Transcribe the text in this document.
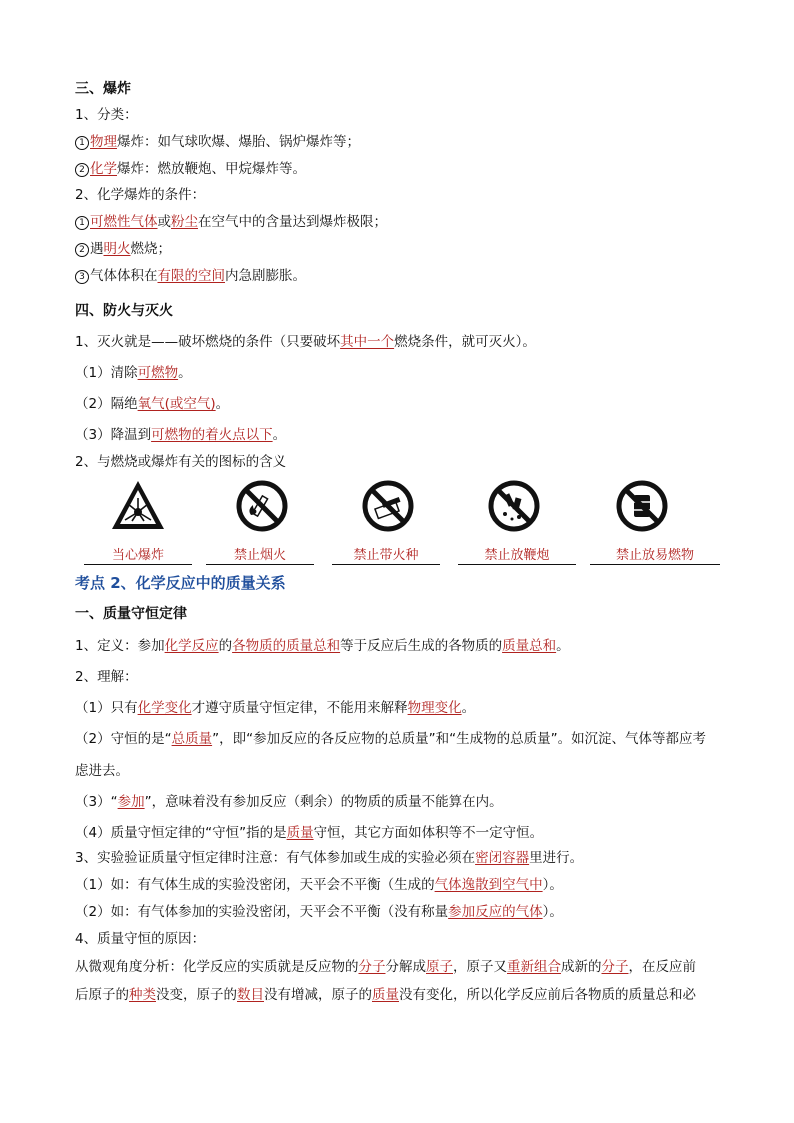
三、爆炸
1、分类：
1 物理爆炸：如气球吹爆、爆胎、锅炉爆炸等；
2 化学爆炸：燃放鞭炮、甲烷爆炸等。
2、化学爆炸的条件：
1 可燃性气体或粉尘在空气中的含量达到爆炸极限；
2 遇明火燃烧；
3 气体体积在有限的空间内急剧膨胀。
四、防火与灭火
1、灭火就是——破坏燃烧的条件（只要破坏其中一个燃烧条件，就可灭火）。
（1）清除可燃物。
（2）隔绝氧气(或空气)。
（3）降温到可燃物的着火点以下。
2、与燃烧或爆炸有关的图标的含义
当心爆炸	禁止烟火	禁止带火种	禁止放鞭炮	禁止放易燃物
考点 2、化学反应中的质量关系
一、质量守恒定律
1、定义：参加化学反应的各物质的质量总和等于反应后生成的各物质的质量总和。
2、理解：
（1）只有化学变化才遵守质量守恒定律，不能用来解释物理变化。
（2）守恒的是“总质量”，即“参加反应的各反应物的总质量”和“生成物的总质量”。如沉淀、气体等都应考
虑进去。
（3）“参加”，意味着没有参加反应（剩余）的物质的质量不能算在内。
（4）质量守恒定律的“守恒”指的是质量守恒，其它方面如体积等不一定守恒。
3、实验验证质量守恒定律时注意：有气体参加或生成的实验必须在密闭容器里进行。
（1）如：有气体生成的实验没密闭，天平会不平衡（生成的气体逸散到空气中）。
（2）如：有气体参加的实验没密闭，天平会不平衡（没有称量参加反应的气体）。
4、质量守恒的原因：
从微观角度分析：化学反应的实质就是反应物的分子分解成原子，原子又重新组合成新的分子，在反应前
后原子的种类没变，原子的数目没有增减，原子的质量没有变化，所以化学反应前后各物质的质量总和必
